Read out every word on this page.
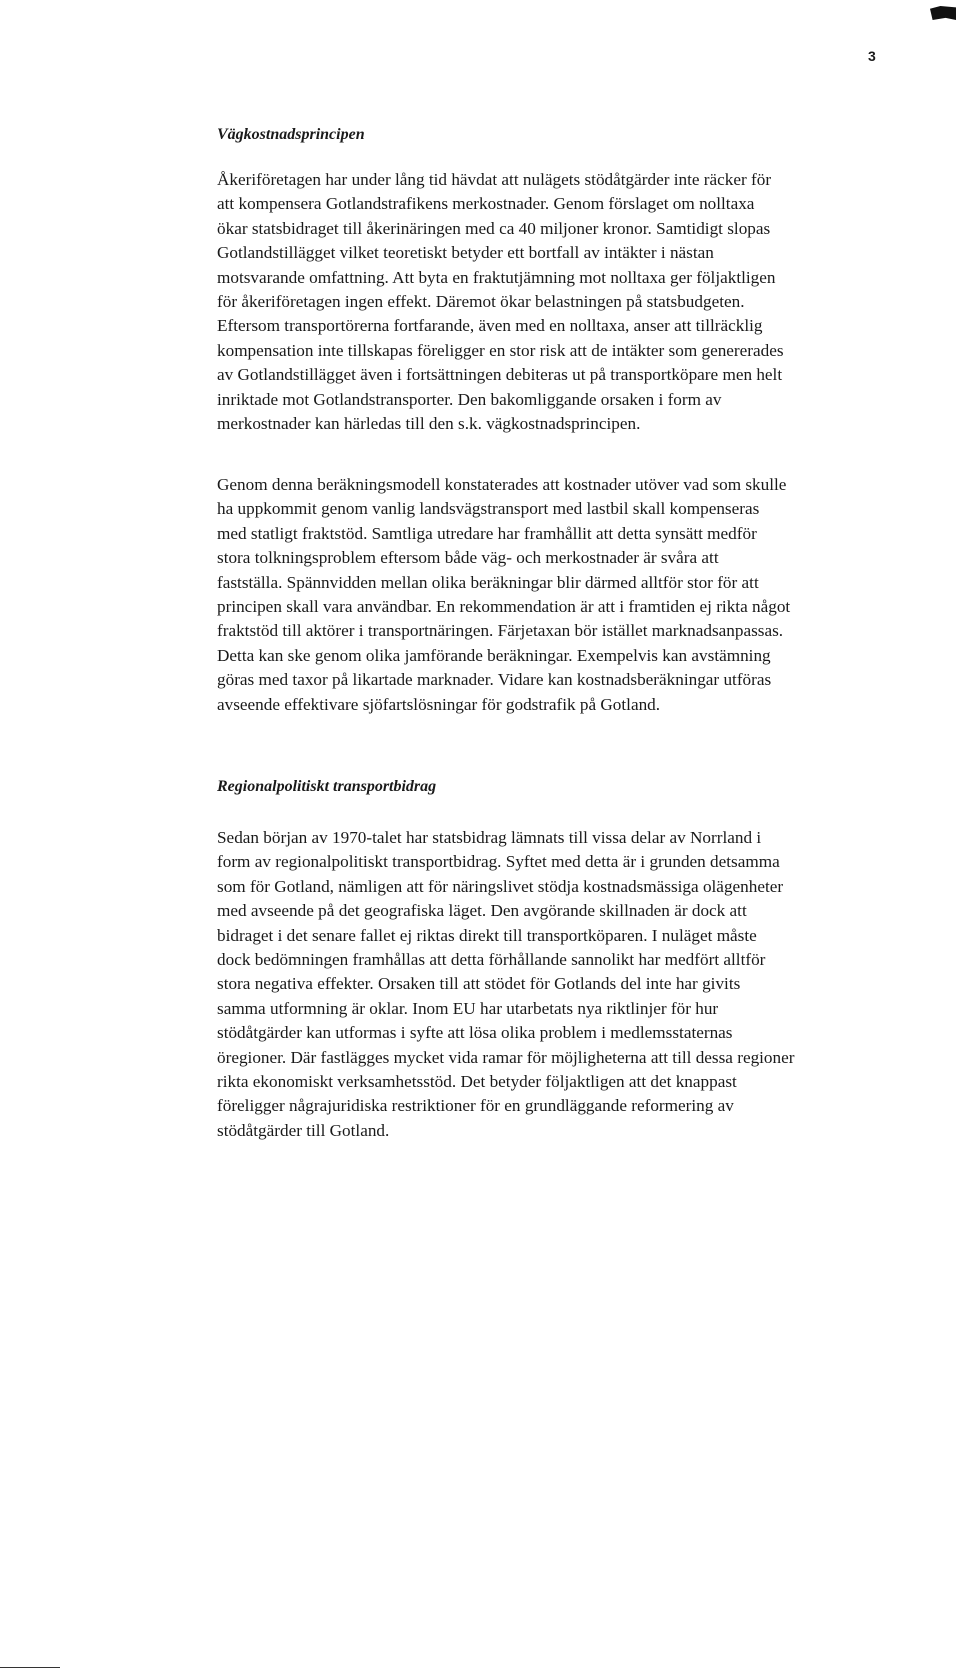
3
Vägkostnadsprincipen

Åkeriföretagen har under lång tid hävdat att nulägets stödåtgärder inte räcker för
att kompensera Gotlandstrafikens merkostnader. Genom förslaget om nolltaxa
ökar statsbidraget till åkerinäringen med ca 40 miljoner kronor. Samtidigt slopas
Gotlandstillägget vilket teoretiskt betyder ett bortfall av intäkter i nästan
motsvarande omfattning. Att byta en fraktutjämning mot nolltaxa ger följaktligen
för åkeriföretagen ingen effekt. Däremot ökar belastningen på statsbudgeten.
Eftersom transportörerna fortfarande, även med en nolltaxa, anser att tillräcklig
kompensation inte tillskapas föreligger en stor risk att de intäkter som genererades
av Gotlandstillägget även i fortsättningen debiteras ut på transportköpare men helt
inriktade mot Gotlandstransporter. Den bakomliggande orsaken i form av
merkostnader kan härledas till den s.k. vägkostnadsprincipen.

Genom denna beräkningsmodell konstaterades att kostnader utöver vad som skulle
ha uppkommit genom vanlig landsvägstransport med lastbil skall kompenseras
med statligt fraktstöd. Samtliga utredare har framhållit att detta synsätt medför
stora tolkningsproblem eftersom både väg- och merkostnader är svåra att
fastställa. Spännvidden mellan olika beräkningar blir därmed alltför stor för att
principen skall vara användbar. En rekommendation är att i framtiden ej rikta något
fraktstöd till aktörer i transportnäringen. Färjetaxan bör istället marknadsanpassas.
Detta kan ske genom olika jamförande beräkningar. Exempelvis kan avstämning
göras med taxor på likartade marknader. Vidare kan kostnadsberäkningar utföras
avseende effektivare sjöfartslösningar för godstrafik på Gotland.

Regionalpolitiskt transportbidrag

Sedan början av 1970-talet har statsbidrag lämnats till vissa delar av Norrland i
form av regionalpolitiskt transportbidrag. Syftet med detta är i grunden detsamma
som för Gotland, nämligen att för näringslivet stödja kostnadsmässiga olägenheter
med avseende på det geografiska läget. Den avgörande skillnaden är dock att
bidraget i det senare fallet ej riktas direkt till transportköparen. I nuläget måste
dock bedömningen framhållas att detta förhållande sannolikt har medfört alltför
stora negativa effekter. Orsaken till att stödet för Gotlands del inte har givits
samma utformning är oklar. Inom EU har utarbetats nya riktlinjer för hur
stödåtgärder kan utformas i syfte att lösa olika problem i medlemsstaternas
öregioner. Där fastlägges mycket vida ramar för möjligheterna att till dessa regioner
rikta ekonomiskt verksamhetsstöd. Det betyder följaktligen att det knappast
föreligger någrajuridiska restriktioner för en grundläggande reformering av
stödåtgärder till Gotland.
